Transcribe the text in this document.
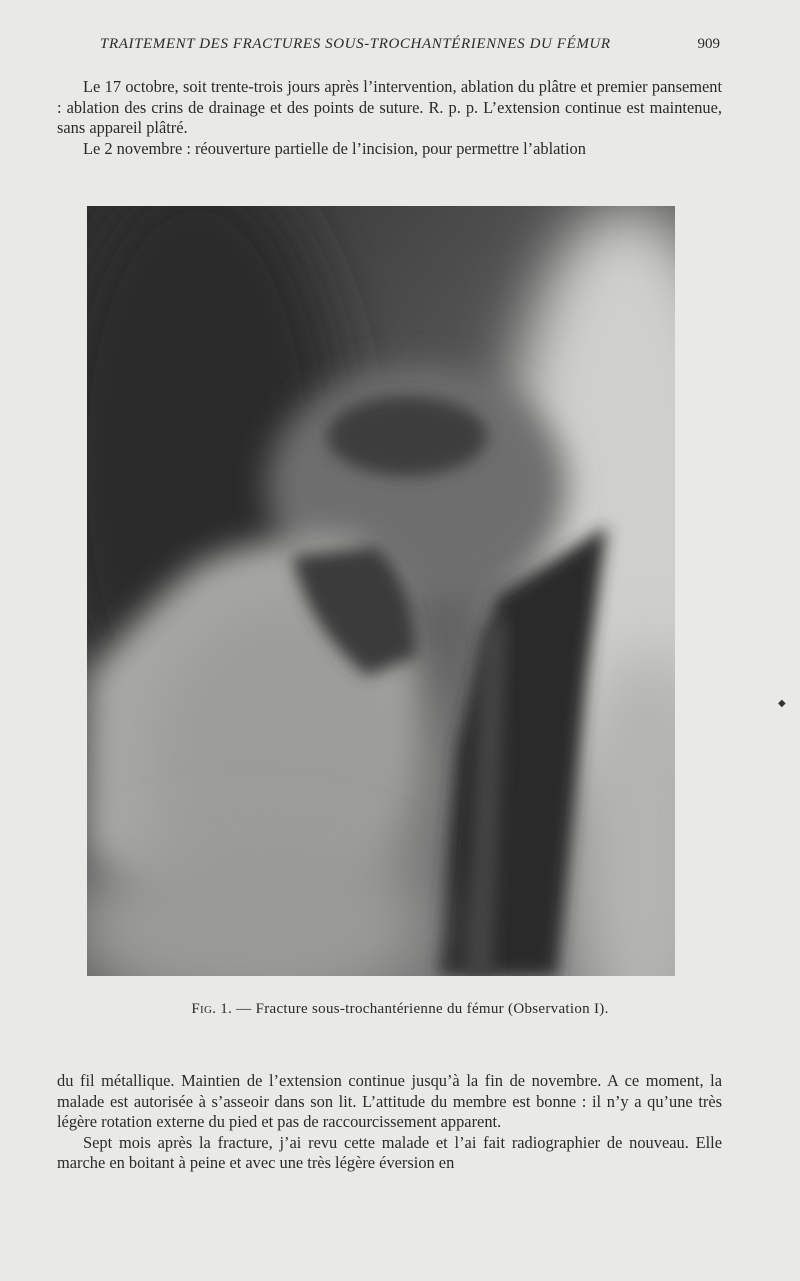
TRAITEMENT DES FRACTURES SOUS-TROCHANTÉRIENNES DU FÉMUR	909

Le 17 octobre, soit trente-trois jours après l’intervention, ablation du plâtre et premier pansement : ablation des crins de drainage et des points de suture. R. p. p. L’extension continue est maintenue, sans appareil plâtré.

Le 2 novembre : réouverture partielle de l’incision, pour permettre l’ablation

Fig. 1. — Fracture sous-trochantérienne du fémur (Observation I).

du fil métallique. Maintien de l’extension continue jusqu’à la fin de novembre. A ce moment, la malade est autorisée à s’asseoir dans son lit. L’attitude du membre est bonne : il n’y a qu’une très légère rotation externe du pied et pas de raccourcissement apparent.

Sept mois après la fracture, j’ai revu cette malade et l’ai fait radiographier de nouveau. Elle marche en boitant à peine et avec une très légère éversion en

◆
